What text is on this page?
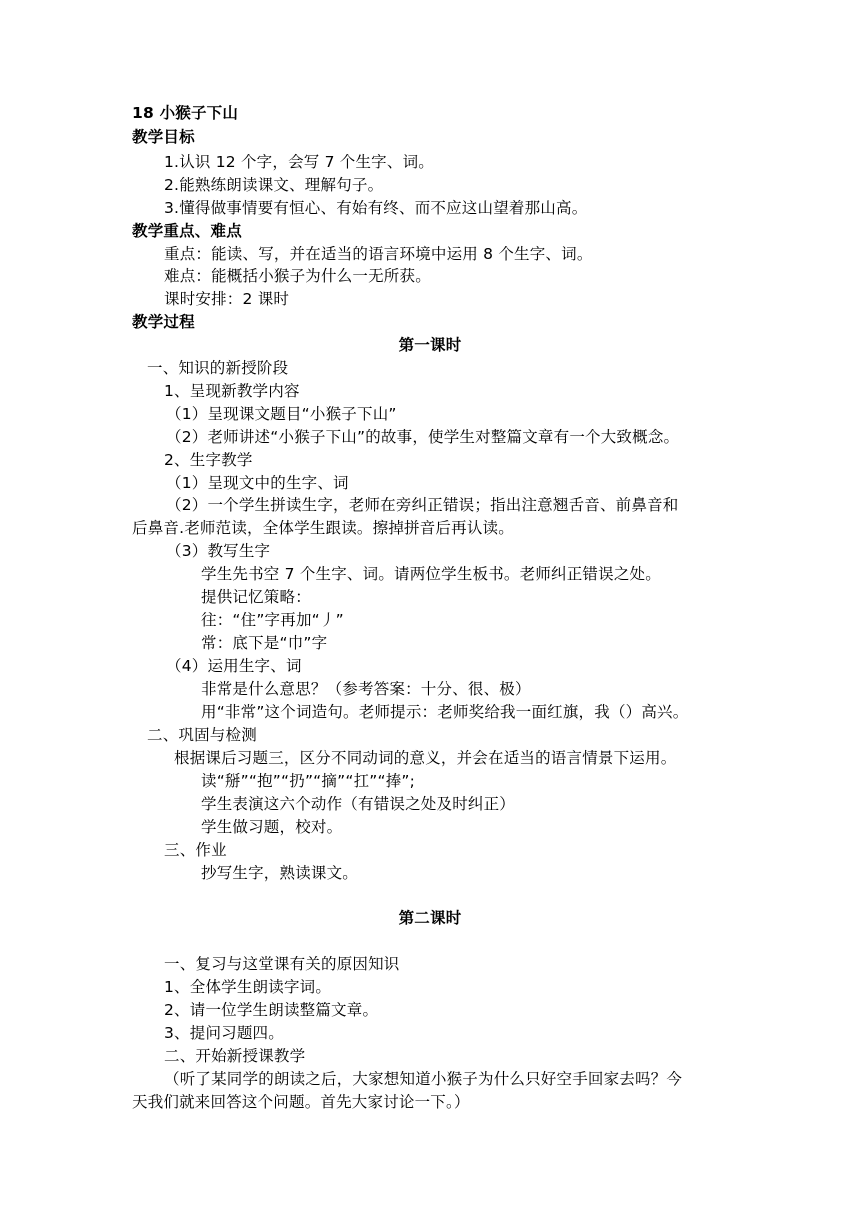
18 小猴子下山
教学目标
1.认识 12 个字，会写 7 个生字、词。
2.能熟练朗读课文、理解句子。
3.懂得做事情要有恒心、有始有终、而不应这山望着那山高。
教学重点、难点
重点：能读、写，并在适当的语言环境中运用 8 个生字、词。
难点：能概括小猴子为什么一无所获。
课时安排：2 课时
教学过程
第一课时
一、知识的新授阶段
1、呈现新教学内容
（1）呈现课文题目“小猴子下山”
（2）老师讲述“小猴子下山”的故事，使学生对整篇文章有一个大致概念。
2、生字教学
（1）呈现文中的生字、词
（2）一个学生拼读生字，老师在旁纠正错误；指出注意翘舌音、前鼻音和
后鼻音.老师范读，全体学生跟读。擦掉拼音后再认读。
（3）教写生字
学生先书空 7 个生字、词。请两位学生板书。老师纠正错误之处。
提供记忆策略：
往：“住”字再加“丿”
常：底下是“巾”字
（4）运用生字、词
非常是什么意思？（参考答案：十分、很、极）
用“非常”这个词造句。老师提示：老师奖给我一面红旗，我（）高兴。
二、巩固与检测
根据课后习题三，区分不同动词的意义，并会在适当的语言情景下运用。
读“掰”“抱”“扔”“摘”“扛”“捧”;
学生表演这六个动作（有错误之处及时纠正）
学生做习题，校对。
三、作业
抄写生字，熟读课文。
第二课时
一、复习与这堂课有关的原因知识
1、全体学生朗读字词。
2、请一位学生朗读整篇文章。
3、提问习题四。
二、开始新授课教学
（听了某同学的朗读之后，大家想知道小猴子为什么只好空手回家去吗？今
天我们就来回答这个问题。首先大家讨论一下。）
